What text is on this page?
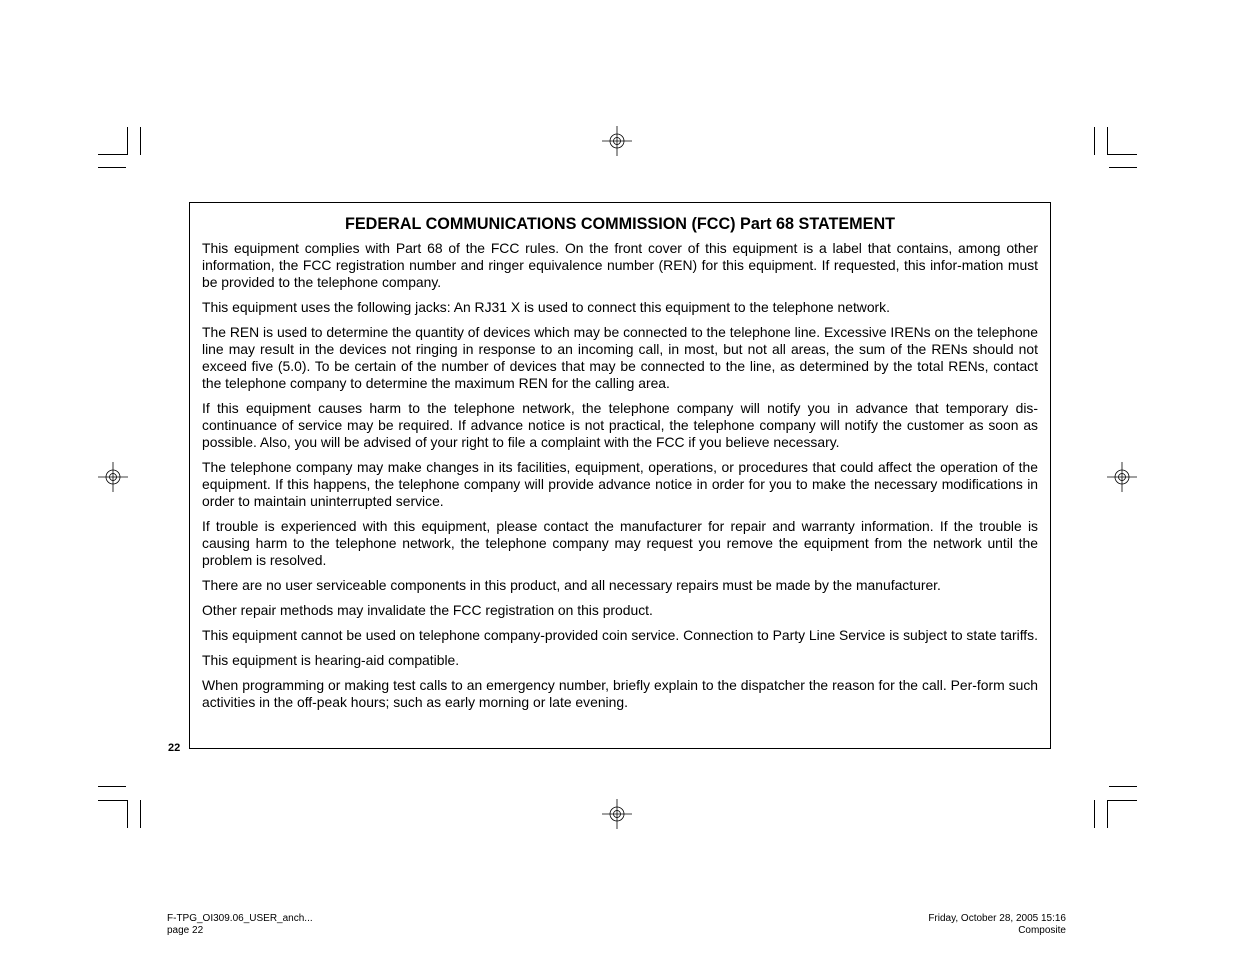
FEDERAL COMMUNICATIONS COMMISSION (FCC) Part 68 STATEMENT

This equipment complies with Part 68 of the FCC rules. On the front cover of this equipment is a label that contains, among other information, the FCC registration number and ringer equivalence number (REN) for this equipment. If requested, this infor-mation must be provided to the telephone company.

This equipment uses the following jacks: An RJ31 X is used to connect this equipment to the telephone network.

The REN is used to determine the quantity of devices which may be connected to the telephone line. Excessive IRENs on the telephone line may result in the devices not ringing in response to an incoming call, in most, but not all areas, the sum of the RENs should not exceed five (5.0). To be certain of the number of devices that may be connected to the line, as determined by the total RENs, contact the telephone company to determine the maximum REN for the calling area.

If this equipment causes harm to the telephone network, the telephone company will notify you in advance that temporary dis-continuance of service may be required. If advance notice is not practical, the telephone company will notify the customer as soon as possible. Also, you will be advised of your right to file a complaint with the FCC if you believe necessary.

The telephone company may make changes in its facilities, equipment, operations, or procedures that could affect the operation of the equipment. If this happens, the telephone company will provide advance notice in order for you to make the necessary modifications in order to maintain uninterrupted service.

If trouble is experienced with this equipment, please contact the manufacturer for repair and warranty information. If the trouble is causing harm to the telephone network, the telephone company may request you remove the equipment from the network until the problem is resolved.

There are no user serviceable components in this product, and all necessary repairs must be made by the manufacturer.

Other repair methods may invalidate the FCC registration on this product.

This equipment cannot be used on telephone company-provided coin service. Connection to Party Line Service is subject to state tariffs.

This equipment is hearing-aid compatible.

When programming or making test calls to an emergency number, briefly explain to the dispatcher the reason for the call. Per-form such activities in the off-peak hours; such as early morning or late evening.

22
F-TPG_OI309.06_USER_anch...
page 22
Friday, October 28, 2005 15:16
Composite
